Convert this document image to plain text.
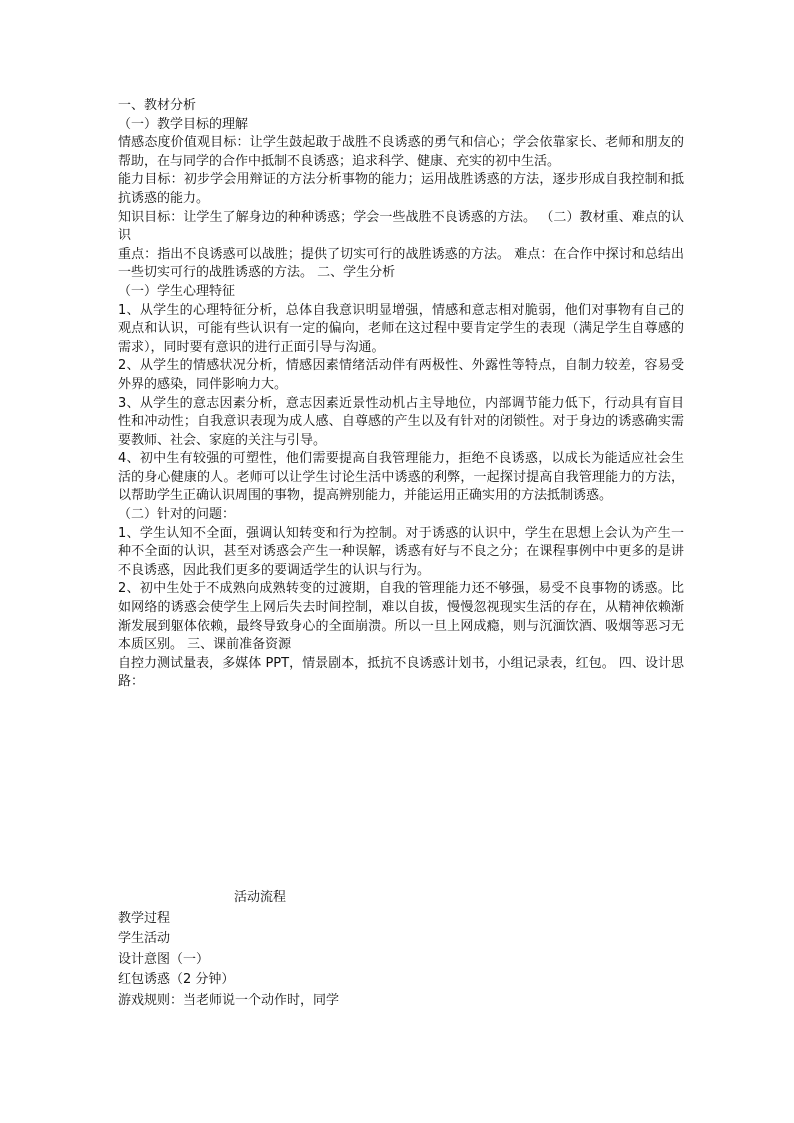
一、教材分析

（一）教学目标的理解

情感态度价值观目标：让学生鼓起敢于战胜不良诱惑的勇气和信心；学会依靠家长、老师和朋友的帮助，在与同学的合作中抵制不良诱惑；追求科学、健康、充实的初中生活。

能力目标：初步学会用辩证的方法分析事物的能力；运用战胜诱惑的方法，逐步形成自我控制和抵抗诱惑的能力。

知识目标：让学生了解身边的种种诱惑；学会一些战胜不良诱惑的方法。 （二）教材重、难点的认识

重点：指出不良诱惑可以战胜；提供了切实可行的战胜诱惑的方法。 难点：在合作中探讨和总结出一些切实可行的战胜诱惑的方法。 二、学生分析

（一）学生心理特征

1、从学生的心理特征分析，总体自我意识明显增强，情感和意志相对脆弱，他们对事物有自己的观点和认识，可能有些认识有一定的偏向，老师在这过程中要肯定学生的表现（满足学生自尊感的需求），同时要有意识的进行正面引导与沟通。

2、从学生的情感状况分析，情感因素情绪活动伴有两极性、外露性等特点，自制力较差，容易受外界的感染，同伴影响力大。

3、从学生的意志因素分析，意志因素近景性动机占主导地位，内部调节能力低下，行动具有盲目性和冲动性；自我意识表现为成人感、自尊感的产生以及有针对的闭锁性。对于身边的诱惑确实需要教师、社会、家庭的关注与引导。

4、初中生有较强的可塑性，他们需要提高自我管理能力，拒绝不良诱惑，以成长为能适应社会生活的身心健康的人。老师可以让学生讨论生活中诱惑的利弊，一起探讨提高自我管理能力的方法，以帮助学生正确认识周围的事物，提高辨别能力，并能运用正确实用的方法抵制诱惑。

（二）针对的问题：

1、学生认知不全面，强调认知转变和行为控制。对于诱惑的认识中，学生在思想上会认为产生一种不全面的认识，甚至对诱惑会产生一种误解，诱惑有好与不良之分；在课程事例中中更多的是讲不良诱惑，因此我们更多的要调适学生的认识与行为。

2、初中生处于不成熟向成熟转变的过渡期，自我的管理能力还不够强，易受不良事物的诱惑。比如网络的诱惑会使学生上网后失去时间控制，难以自拔，慢慢忽视现实生活的存在，从精神依赖渐渐发展到躯体依赖，最终导致身心的全面崩溃。所以一旦上网成瘾，则与沉湎饮酒、吸烟等恶习无本质区别。 三、课前准备资源

自控力测试量表，多媒体 PPT，情景剧本，抵抗不良诱惑计划书，小组记录表，红包。 四、设计思路：

活动流程

教学过程

学生活动

设计意图（一）

红包诱惑（2 分钟）

游戏规则：当老师说一个动作时，同学
